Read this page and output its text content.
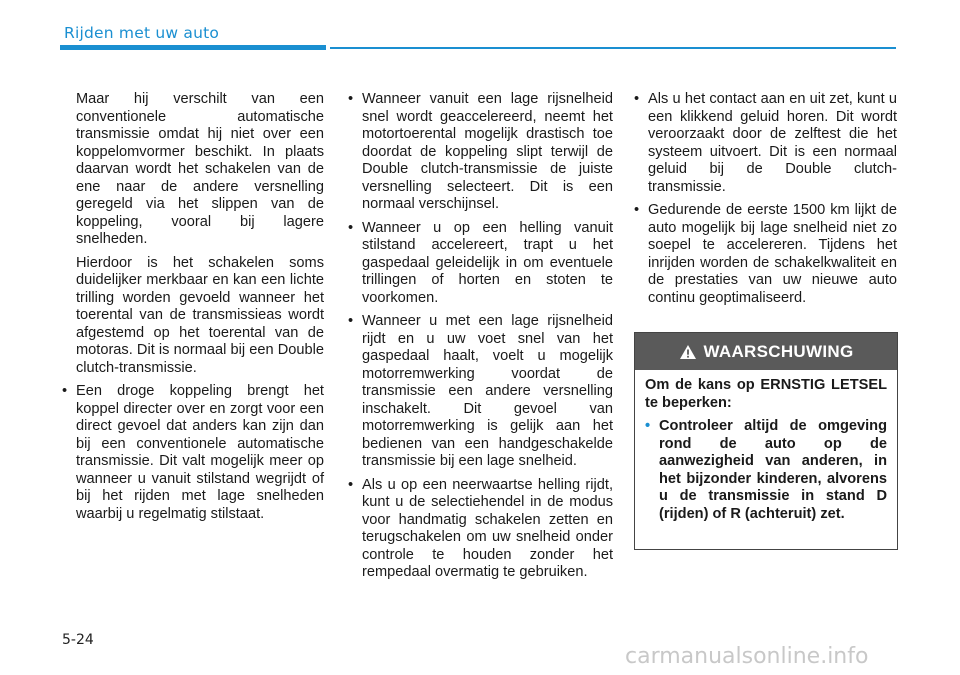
Rijden met uw auto

Maar hij verschilt van een conventionele automatische transmissie omdat hij niet over een koppelomvormer beschikt. In plaats daarvan wordt het schakelen van de ene naar de andere versnelling geregeld via het slippen van de koppeling, vooral bij lagere snelheden.

Hierdoor is het schakelen soms duidelijker merkbaar en kan een lichte trilling worden gevoeld wanneer het toerental van de transmissieas wordt afgestemd op het toerental van de motoras. Dit is normaal bij een Double clutch-transmissie.

• Een droge koppeling brengt het koppel directer over en zorgt voor een direct gevoel dat anders kan zijn dan bij een conventionele automatische transmissie. Dit valt mogelijk meer op wanneer u vanuit stilstand wegrijdt of bij het rijden met lage snelheden waarbij u regelmatig stilstaat.

• Wanneer vanuit een lage rijsnelheid snel wordt geaccelereerd, neemt het motortoerental mogelijk drastisch toe doordat de koppeling slipt terwijl de Double clutch-transmissie de juiste versnelling selecteert. Dit is een normaal verschijnsel.

• Wanneer u op een helling vanuit stilstand accelereert, trapt u het gaspedaal geleidelijk in om eventuele trillingen of horten en stoten te voorkomen.

• Wanneer u met een lage rijsnelheid rijdt en u uw voet snel van het gaspedaal haalt, voelt u mogelijk motorremwerking voordat de transmissie een andere versnelling inschakelt. Dit gevoel van motorremwerking is gelijk aan het bedienen van een handgeschakelde transmissie bij een lage snelheid.

• Als u op een neerwaartse helling rijdt, kunt u de selectiehendel in de modus voor handmatig schakelen zetten en terugschakelen om uw snelheid onder controle te houden zonder het rempedaal overmatig te gebruiken.

• Als u het contact aan en uit zet, kunt u een klikkend geluid horen. Dit wordt veroorzaakt door de zelftest die het systeem uitvoert. Dit is een normaal geluid bij de Double clutch-transmissie.

• Gedurende de eerste 1500 km lijkt de auto mogelijk bij lage snelheid niet zo soepel te accelereren. Tijdens het inrijden worden de schakelkwaliteit en de prestaties van uw nieuwe auto continu geoptimaliseerd.

WAARSCHUWING

Om de kans op ERNSTIG LETSEL te beperken:

• Controleer altijd de omgeving rond de auto op de aanwezigheid van anderen, in het bijzonder kinderen, alvorens u de transmissie in stand D (rijden) of R (achteruit) zet.

5-24
carmanualsonline.info
